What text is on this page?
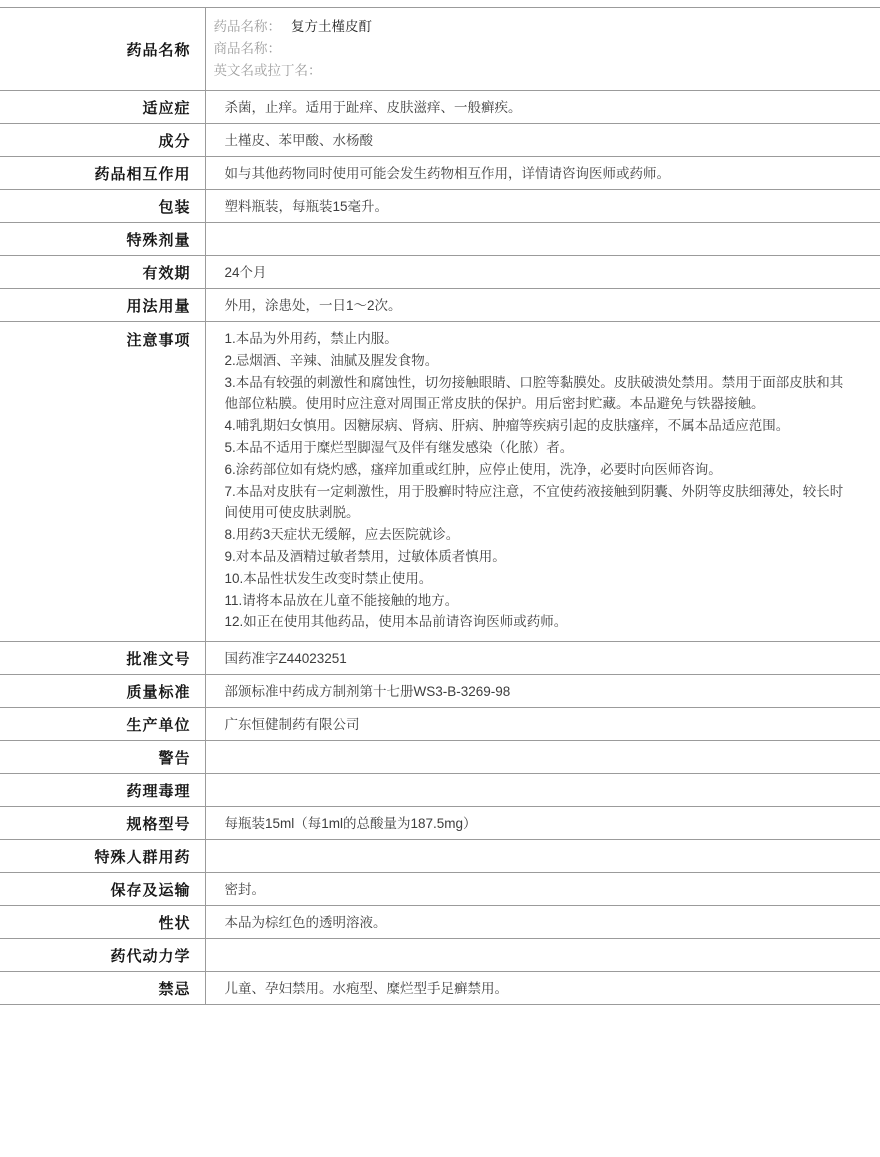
药品名称	药品名称： 复方土槿皮酊
商品名称：
英文名或拉丁名：

适应症	杀菌，止痒。适用于趾痒、皮肤滋痒、一般癣疾。
成分	土槿皮、苯甲酸、水杨酸
药品相互作用	如与其他药物同时使用可能会发生药物相互作用，详情请咨询医师或药师。
包装	塑料瓶装，每瓶装15毫升。
特殊剂量	
有效期	24个月
用法用量	外用，涂患处，一日1～2次。
注意事项	1.本品为外用药，禁止内服。
2.忌烟酒、辛辣、油腻及腥发食物。
3.本品有较强的刺激性和腐蚀性，切勿接触眼睛、口腔等黏膜处。皮肤破溃处禁用。禁用于面部皮肤和其他部位粘膜。使用时应注意对周围正常皮肤的保护。用后密封贮藏。本品避免与铁器接触。
4.哺乳期妇女慎用。因糖尿病、肾病、肝病、肿瘤等疾病引起的皮肤瘙痒，不属本品适应范围。
5.本品不适用于糜烂型脚湿气及伴有继发感染（化脓）者。
6.涂药部位如有烧灼感，瘙痒加重或红肿，应停止使用，洗净，必要时向医师咨询。
7.本品对皮肤有一定刺激性，用于股癣时特应注意，不宜使药液接触到阴囊、外阴等皮肤细薄处，较长时间使用可使皮肤剥脱。
8.用药3天症状无缓解，应去医院就诊。
9.对本品及酒精过敏者禁用，过敏体质者慎用。
10.本品性状发生改变时禁止使用。
11.请将本品放在儿童不能接触的地方。
12.如正在使用其他药品，使用本品前请咨询医师或药师。

批准文号	国药准字Z44023251
质量标准	部颁标准中药成方制剂第十七册WS3-B-3269-98
生产单位	广东恒健制药有限公司
警告	
药理毒理	
规格型号	每瓶装15ml（每1ml的总酸量为187.5mg）
特殊人群用药	
保存及运输	密封。
性状	本品为棕红色的透明溶液。
药代动力学	
禁忌	儿童、孕妇禁用。水疱型、糜烂型手足癣禁用。
